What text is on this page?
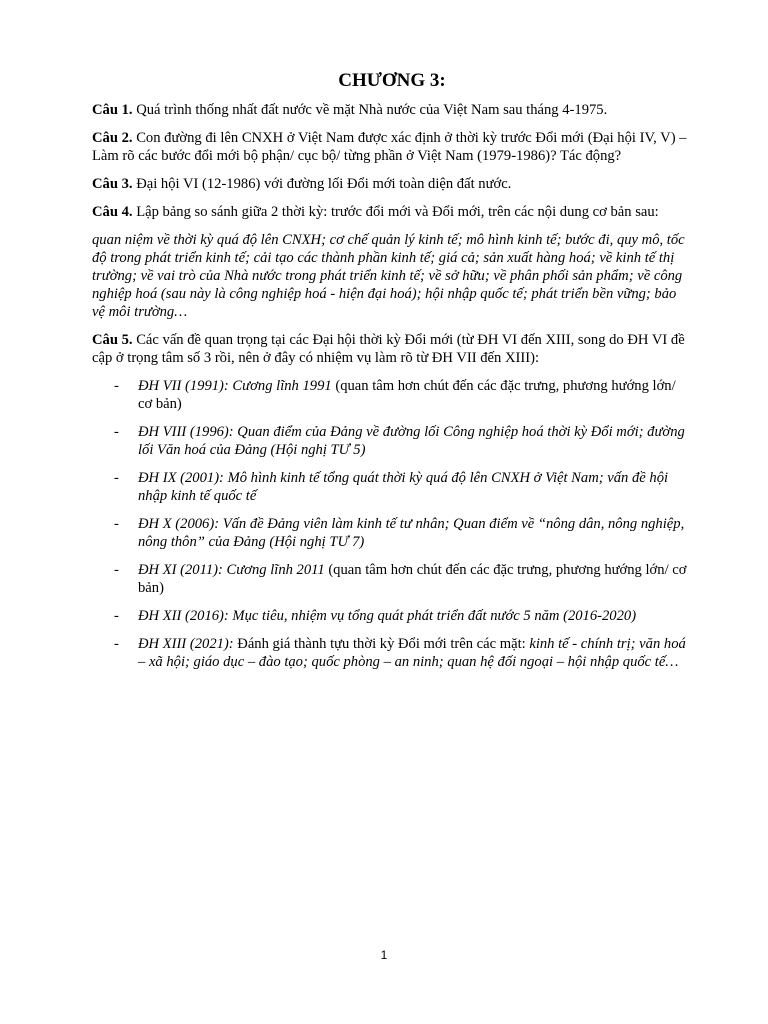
CHƯƠNG 3:

Câu 1. Quá trình thống nhất đất nước về mặt Nhà nước của Việt Nam sau tháng 4-1975.

Câu 2. Con đường đi lên CNXH ở Việt Nam được xác định ở thời kỳ trước Đổi mới (Đại hội IV, V) – Làm rõ các bước đổi mới bộ phận/ cục bộ/ từng phần ở Việt Nam (1979-1986)? Tác động?

Câu 3. Đại hội VI (12-1986) với đường lối Đổi mới toàn diện đất nước.

Câu 4. Lập bảng so sánh giữa 2 thời kỳ: trước đổi mới và Đổi mới, trên các nội dung cơ bản sau:

quan niệm về thời kỳ quá độ lên CNXH; cơ chế quản lý kinh tế; mô hình kinh tế; bước đi, quy mô, tốc độ trong phát triển kinh tế; cải tạo các thành phần kinh tế; giá cả; sản xuất hàng hoá; về kinh tế thị trường; về vai trò của Nhà nước trong phát triển kinh tế; về sở hữu; về phân phối sản phẩm; về công nghiệp hoá (sau này là công nghiệp hoá - hiện đại hoá); hội nhập quốc tế; phát triển bền vững; bảo vệ môi trường…

Câu 5. Các vấn đề quan trọng tại các Đại hội thời kỳ Đổi mới (từ ĐH VI đến XIII, song do ĐH VI đề cập ở trọng tâm số 3 rồi, nên ở đây có nhiệm vụ làm rõ từ ĐH VII đến XIII):

- ĐH VII (1991): Cương lĩnh 1991 (quan tâm hơn chút đến các đặc trưng, phương hướng lớn/ cơ bản)
- ĐH VIII (1996): Quan điểm của Đảng về đường lối Công nghiệp hoá thời kỳ Đổi mới; đường lối Văn hoá của Đảng (Hội nghị TƯ 5)
- ĐH IX (2001): Mô hình kinh tế tổng quát thời kỳ quá độ lên CNXH ở Việt Nam; vấn đề hội nhập kinh tế quốc tế
- ĐH X (2006): Vấn đề Đảng viên làm kinh tế tư nhân; Quan điểm về “nông dân, nông nghiệp, nông thôn” của Đảng (Hội nghị TƯ 7)
- ĐH XI (2011): Cương lĩnh 2011 (quan tâm hơn chút đến các đặc trưng, phương hướng lớn/ cơ bản)
- ĐH XII (2016): Mục tiêu, nhiệm vụ tổng quát phát triển đất nước 5 năm (2016-2020)
- ĐH XIII (2021): Đánh giá thành tựu thời kỳ Đổi mới trên các mặt: kinh tế - chính trị; văn hoá – xã hội; giáo dục – đào tạo; quốc phòng – an ninh; quan hệ đối ngoại – hội nhập quốc tế…
1
